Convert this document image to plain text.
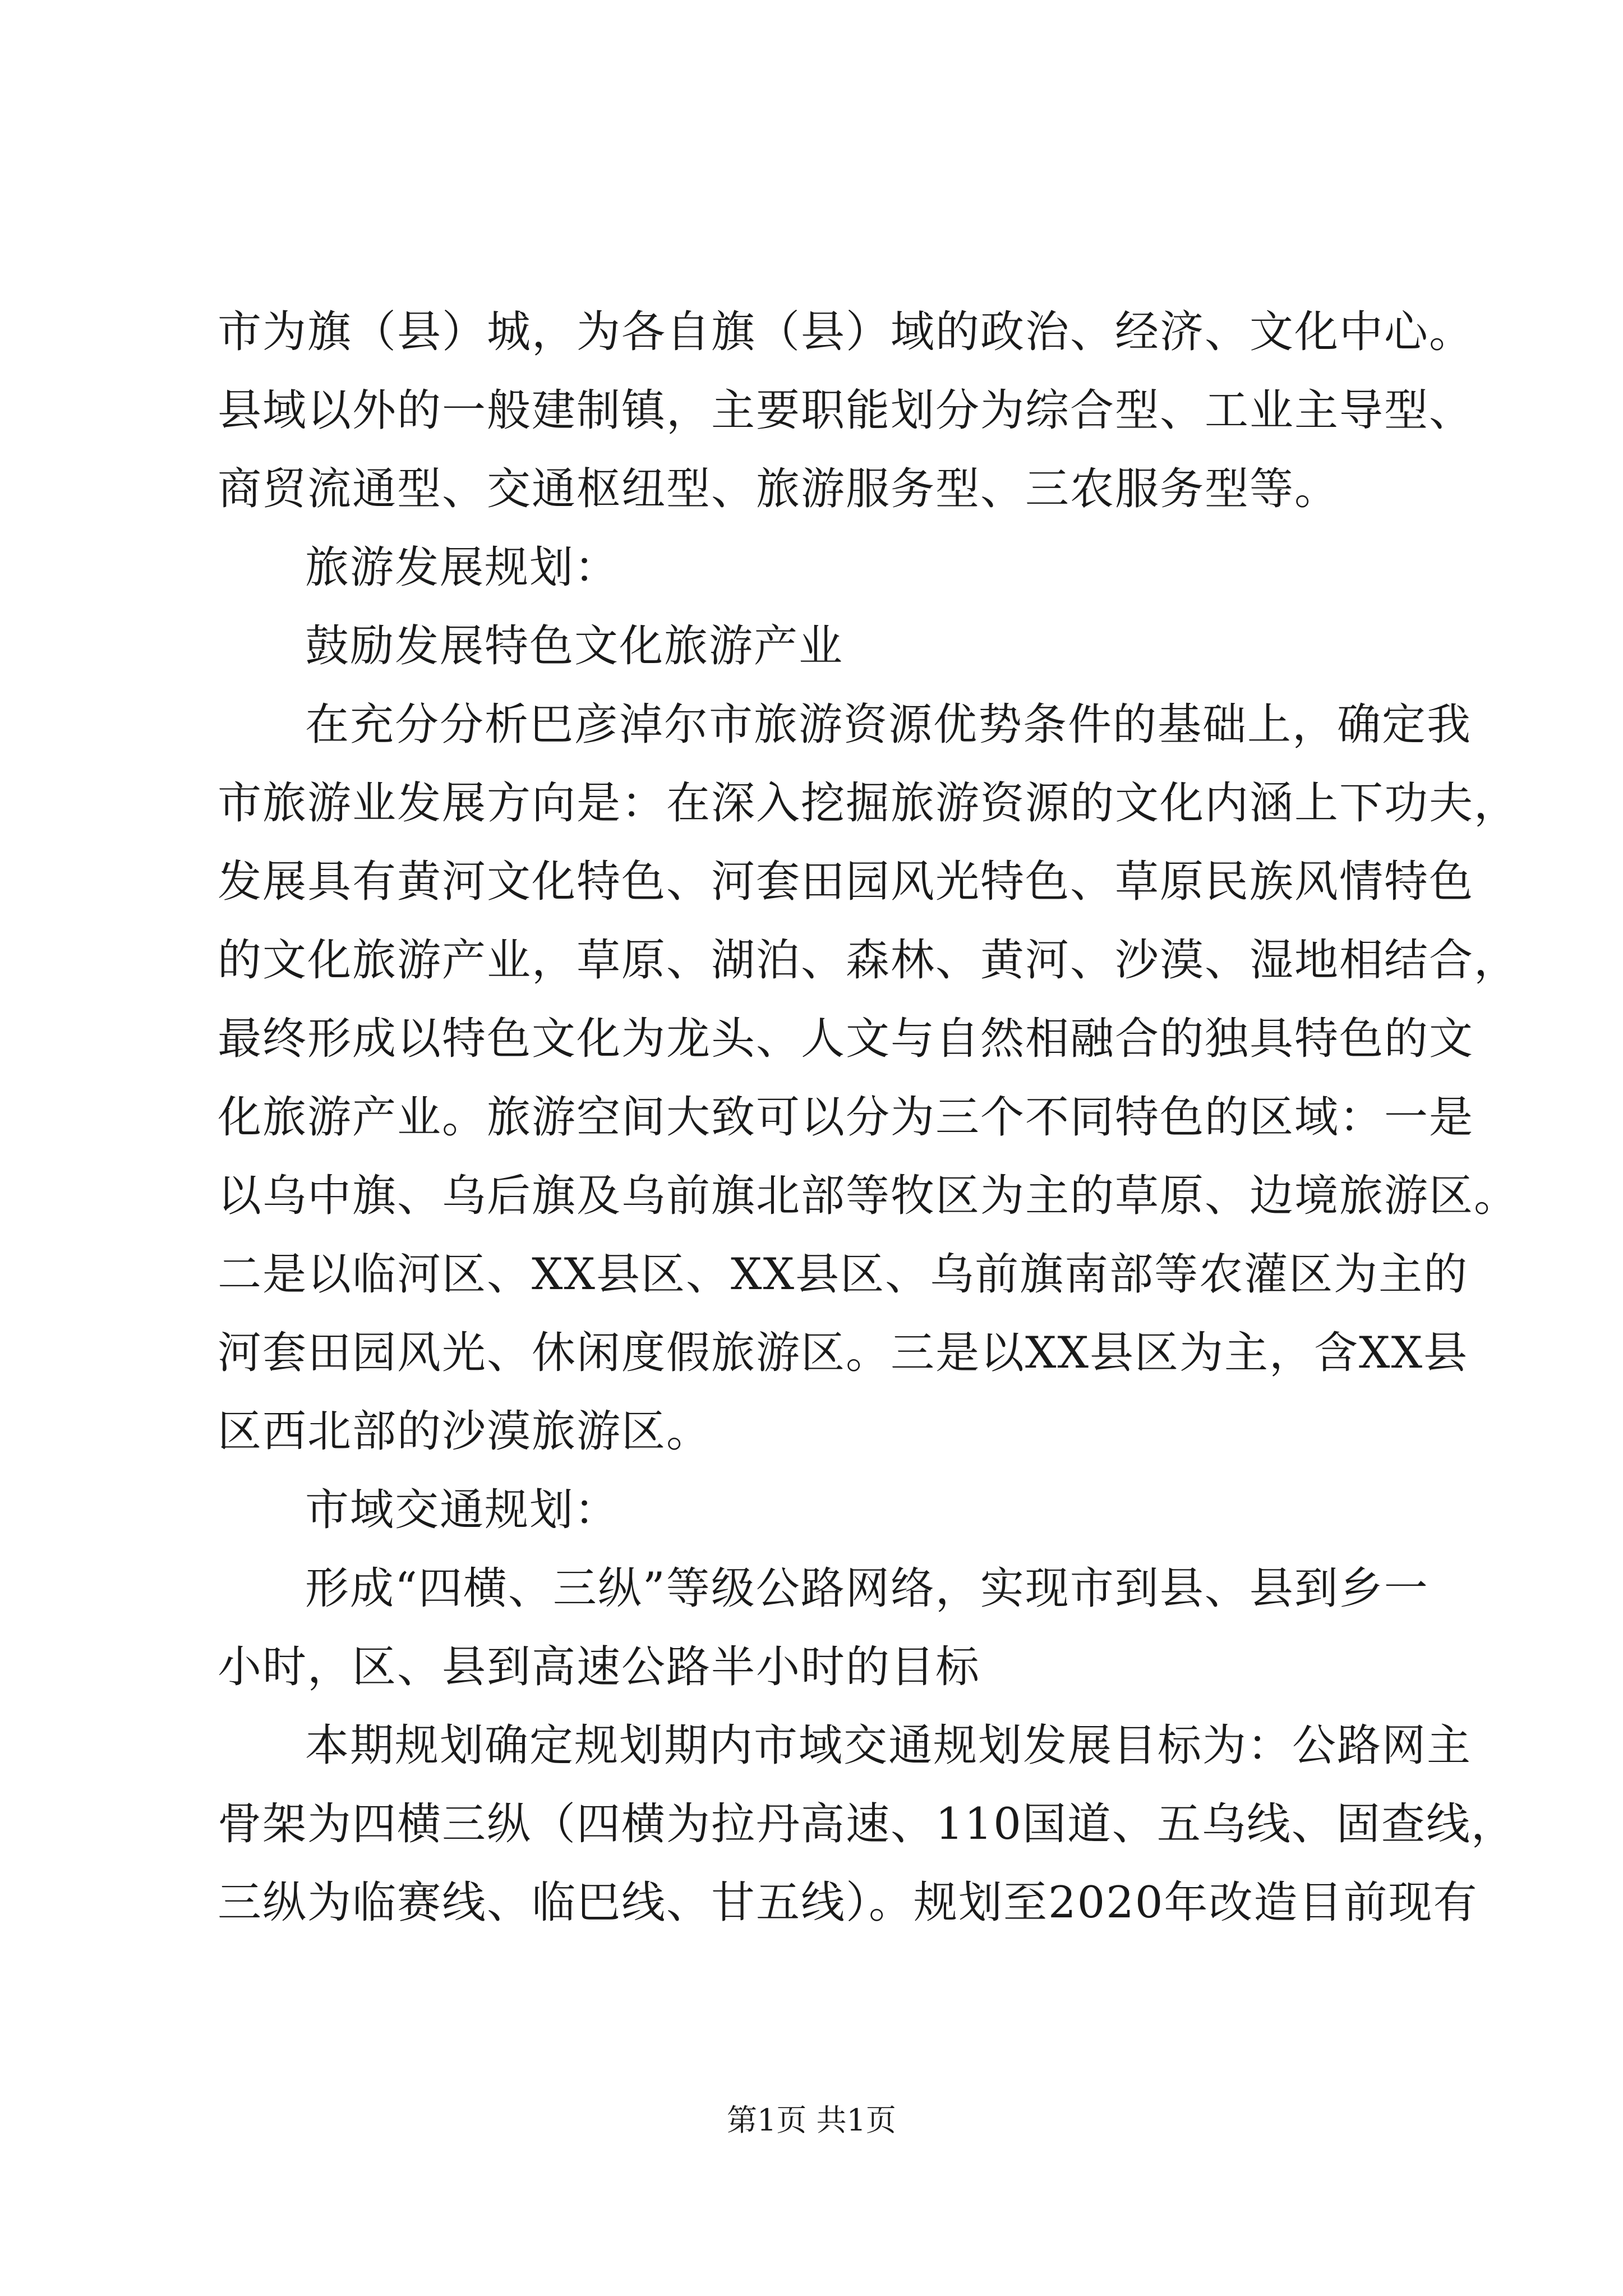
市为旗（县）城，为各自旗（县）域的政治、经济、文化中心。
县域以外的一般建制镇，主要职能划分为综合型、工业主导型、
商贸流通型、交通枢纽型、旅游服务型、三农服务型等。
旅游发展规划：
鼓励发展特色文化旅游产业
在充分分析巴彦淖尔市旅游资源优势条件的基础上，确定我
市旅游业发展方向是：在深入挖掘旅游资源的文化内涵上下功夫，
发展具有黄河文化特色、河套田园风光特色、草原民族风情特色
的文化旅游产业，草原、湖泊、森林、黄河、沙漠、湿地相结合，
最终形成以特色文化为龙头、人文与自然相融合的独具特色的文
化旅游产业。旅游空间大致可以分为三个不同特色的区域：一是
以乌中旗、乌后旗及乌前旗北部等牧区为主的草原、边境旅游区。
二是以临河区、XX县区、XX县区、乌前旗南部等农灌区为主的
河套田园风光、休闲度假旅游区。三是以XX县区为主，含XX县
区西北部的沙漠旅游区。
市域交通规划：
形成“四横、三纵”等级公路网络，实现市到县、县到乡一
小时，区、县到高速公路半小时的目标
本期规划确定规划期内市域交通规划发展目标为：公路网主
骨架为四横三纵（四横为拉丹高速、110国道、五乌线、固查线，
三纵为临赛线、临巴线、甘五线）。规划至2020年改造目前现有
第1页 共1页
